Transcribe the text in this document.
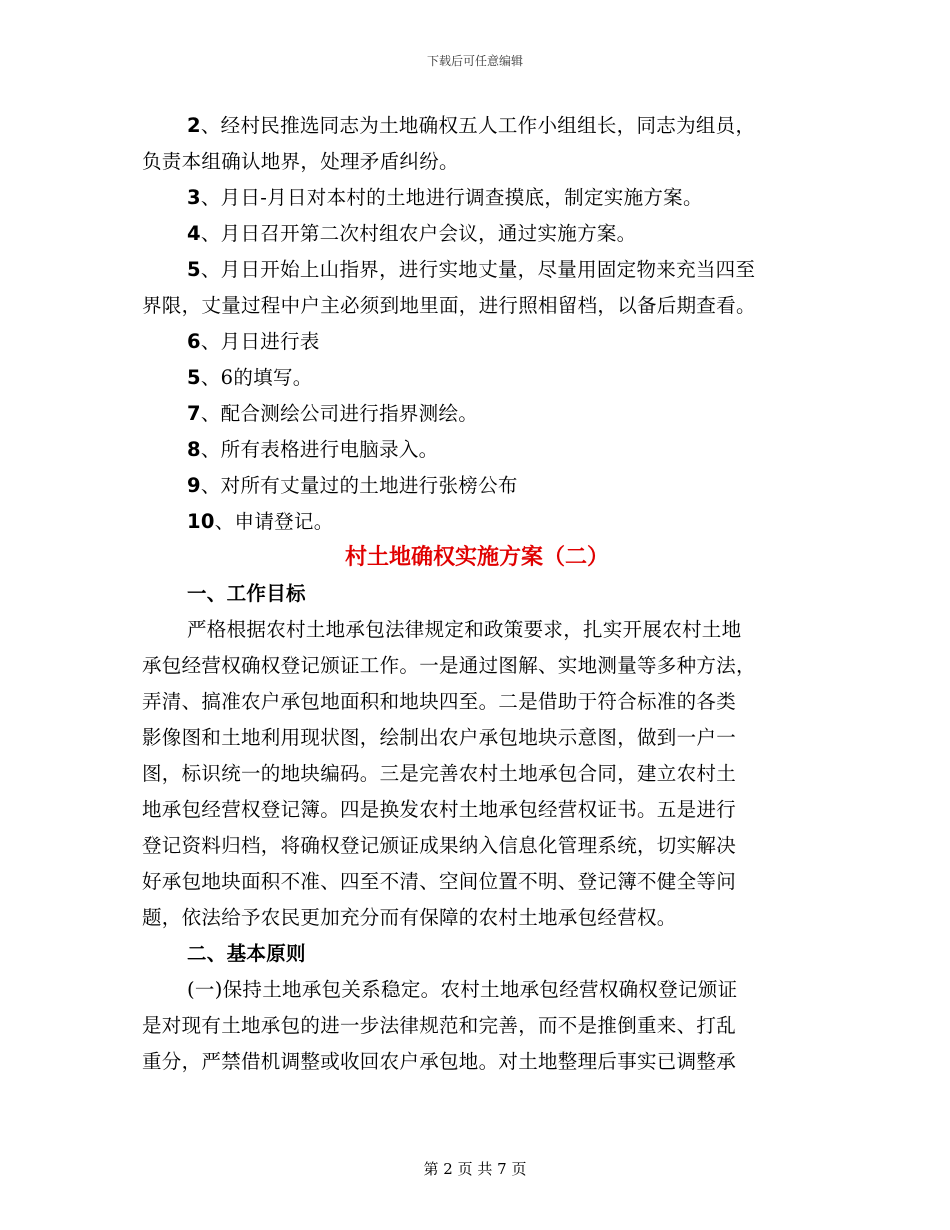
下载后可任意编辑

2、经村民推选同志为土地确权五人工作小组组长，同志为组员，

负责本组确认地界，处理矛盾纠纷。

3、月日-月日对本村的土地进行调查摸底，制定实施方案。

4、月日召开第二次村组农户会议，通过实施方案。

5、月日开始上山指界，进行实地丈量，尽量用固定物来充当四至

界限，丈量过程中户主必须到地里面，进行照相留档，以备后期查看。

6、月日进行表

5、6的填写。

7、配合测绘公司进行指界测绘。

8、所有表格进行电脑录入。

9、对所有丈量过的土地进行张榜公布

10、申请登记。

村土地确权实施方案（二）

一、工作目标

严格根据农村土地承包法律规定和政策要求，扎实开展农村土地

承包经营权确权登记颁证工作。一是通过图解、实地测量等多种方法，

弄清、搞准农户承包地面积和地块四至。二是借助于符合标准的各类

影像图和土地利用现状图，绘制出农户承包地块示意图，做到一户一

图，标识统一的地块编码。三是完善农村土地承包合同，建立农村土

地承包经营权登记簿。四是换发农村土地承包经营权证书。五是进行

登记资料归档，将确权登记颁证成果纳入信息化管理系统，切实解决

好承包地块面积不准、四至不清、空间位置不明、登记簿不健全等问

题，依法给予农民更加充分而有保障的农村土地承包经营权。

二、基本原则

(一)保持土地承包关系稳定。农村土地承包经营权确权登记颁证

是对现有土地承包的进一步法律规范和完善，而不是推倒重来、打乱

重分，严禁借机调整或收回农户承包地。对土地整理后事实已调整承

第 2 页 共 7 页
